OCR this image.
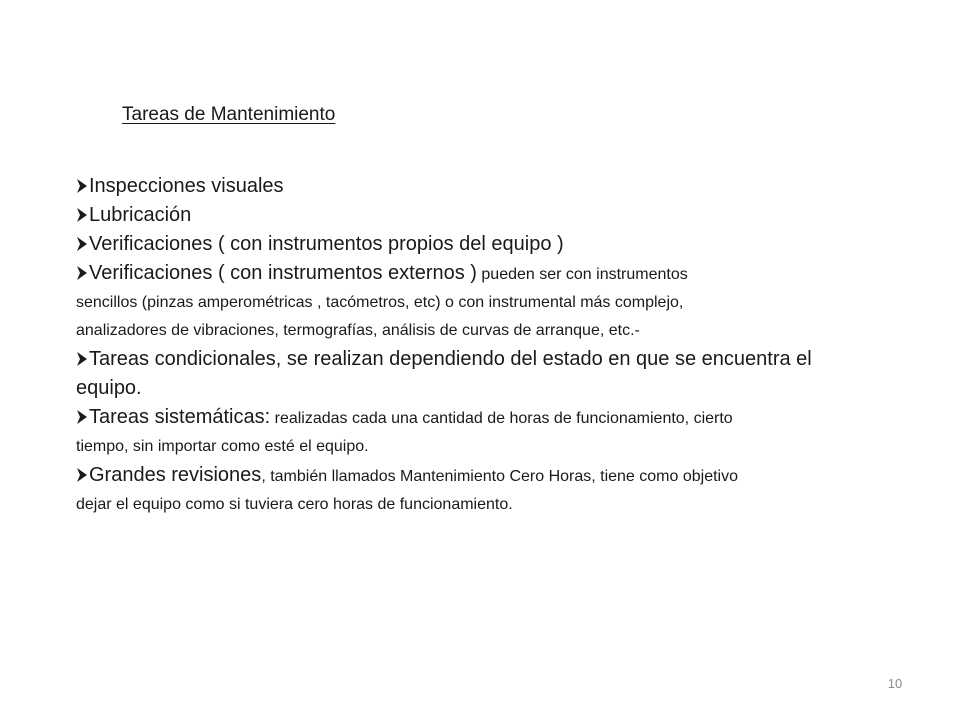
Tareas de Mantenimiento
Inspecciones visuales
Lubricación
Verificaciones ( con instrumentos propios del equipo )
Verificaciones ( con instrumentos externos ) pueden ser con instrumentos
sencillos (pinzas amperométricas , tacómetros, etc) o con instrumental más complejo,
analizadores de vibraciones, termografías, análisis de curvas de arranque, etc.-
Tareas condicionales, se realizan dependiendo del estado en que se encuentra el
equipo.
Tareas sistemáticas: realizadas cada una cantidad de horas de funcionamiento, cierto
tiempo, sin importar como esté el equipo.
Grandes revisiones, también llamados Mantenimiento Cero Horas, tiene como objetivo
dejar el equipo como si tuviera cero horas de funcionamiento.
10
